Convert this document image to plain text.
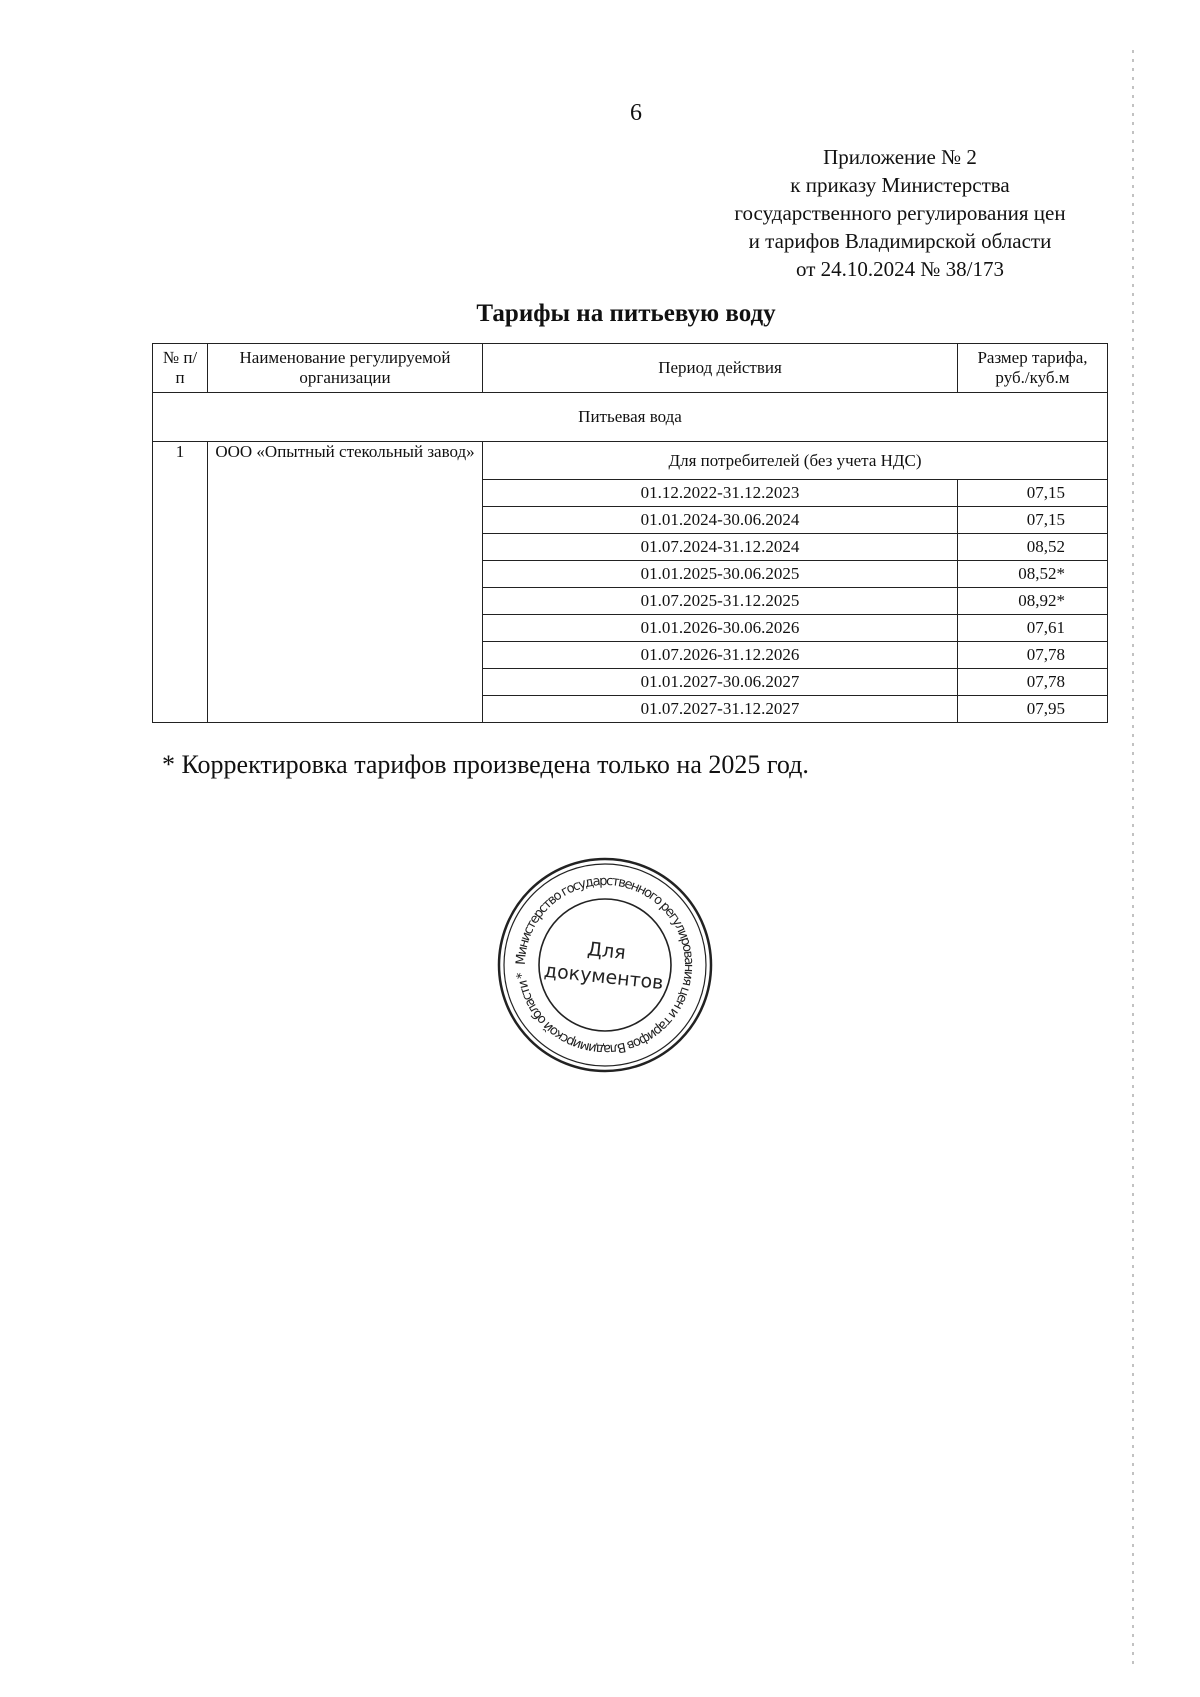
6
Приложение № 2
к приказу Министерства
государственного регулирования цен
и тарифов Владимирской области
от 24.10.2024 № 38/173
Тарифы на питьевую воду
№ п/п	Наименование регулируемой организации	Период действия	Размер тарифа, руб./куб.м
Питьевая вода			
1	ООО «Опытный стекольный завод»	Для потребителей (без учета НДС)	
		01.12.2022-31.12.2023	07,15
		01.01.2024-30.06.2024	07,15
		01.07.2024-31.12.2024	08,52
		01.01.2025-30.06.2025	08,52*
		01.07.2025-31.12.2025	08,92*
		01.01.2026-30.06.2026	07,61
		01.07.2026-31.12.2026	07,78
		01.01.2027-30.06.2027	07,78
		01.07.2027-31.12.2027	07,95
* Корректировка тарифов произведена только на 2025 год.
Министерство государственного регулирования цен и тарифов Владимирской области *
Для
документов
